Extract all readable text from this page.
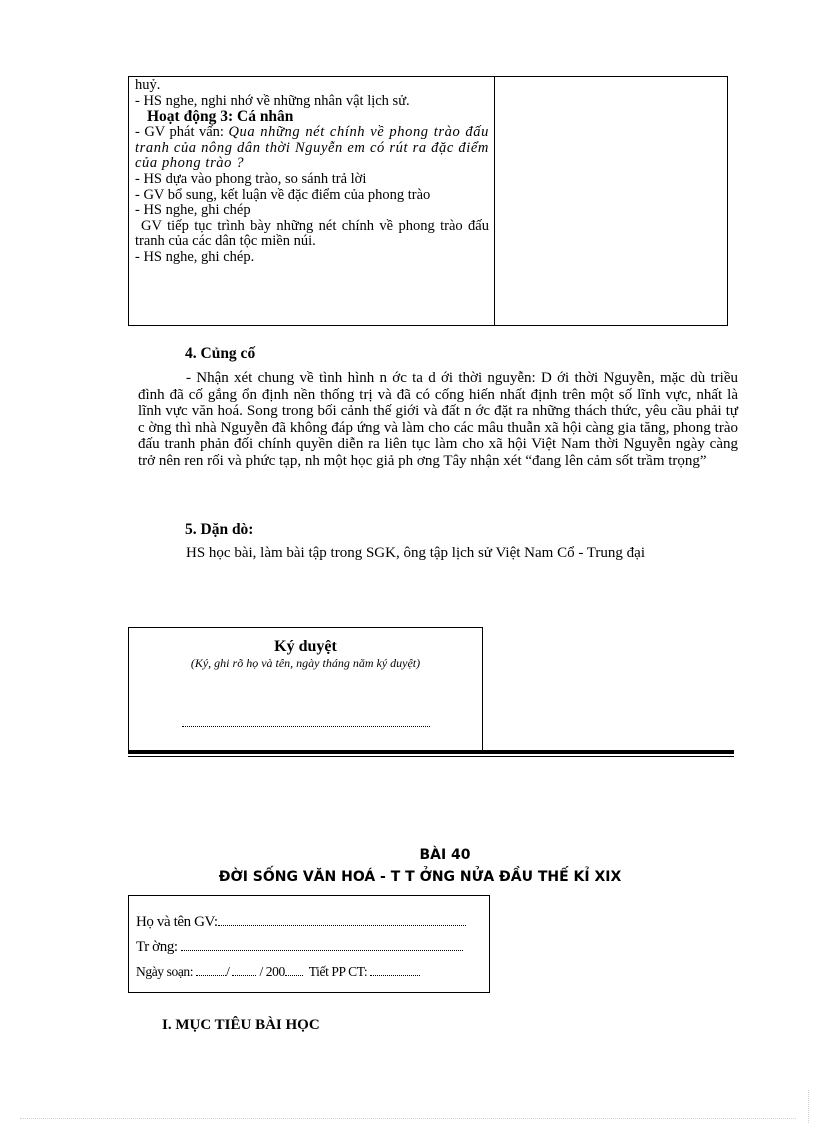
huỷ.

- HS nghe, nghi nhớ về những nhân vật lịch sử.

Hoạt động 3: Cá nhân

- GV phát vấn: Qua những nét chính về phong trào đấu tranh của nông dân thời Nguyễn em có rút ra đặc điểm của phong trào ?

- HS dựa vào phong trào, so sánh trả lời

- GV bổ sung, kết luận về đặc điểm của phong trào

- HS nghe, ghi chép

GV tiếp tục trình bày những nét chính về phong trào đấu tranh của các dân tộc miền núi.

- HS nghe, ghi chép.

4. Củng cố
- Nhận xét chung về tình hình n ớc ta d ới thời nguyễn: D ới thời Nguyễn, mặc dù triều đình đã cố gắng ổn định nền thống trị và đã có cống hiến nhất định trên một số lĩnh vực, nhất là lĩnh vực văn hoá. Song trong bối cảnh thế giới và đất n ớc đặt ra những thách thức, yêu cầu phải tự c ờng thì nhà Nguyễn đã không đáp ứng và làm cho các mâu thuẫn xã hội càng gia tăng, phong trào đấu tranh phản đối chính quyền diễn ra liên tục làm cho xã hội Việt Nam thời Nguyễn ngày càng trở nên ren rối và phức tạp, nh một học giả ph ơng Tây nhận xét “đang lên cảm sốt trầm trọng”
5. Dặn dò:
HS học bài, làm bài tập trong SGK, ông tập lịch sử Việt Nam Cổ - Trung đại
Ký duyệt
(Ký, ghi rõ họ và tên, ngày tháng năm ký duyệt)
BÀI 40
ĐỜI SỐNG VĂN HOÁ - T T ỞNG NỬA ĐẦU THẾ KỈ XIX
Họ và tên GV:
Tr ờng:
Ngày soạn: / / 200 Tiết PP CT:
I. MỤC TIÊU BÀI HỌC
